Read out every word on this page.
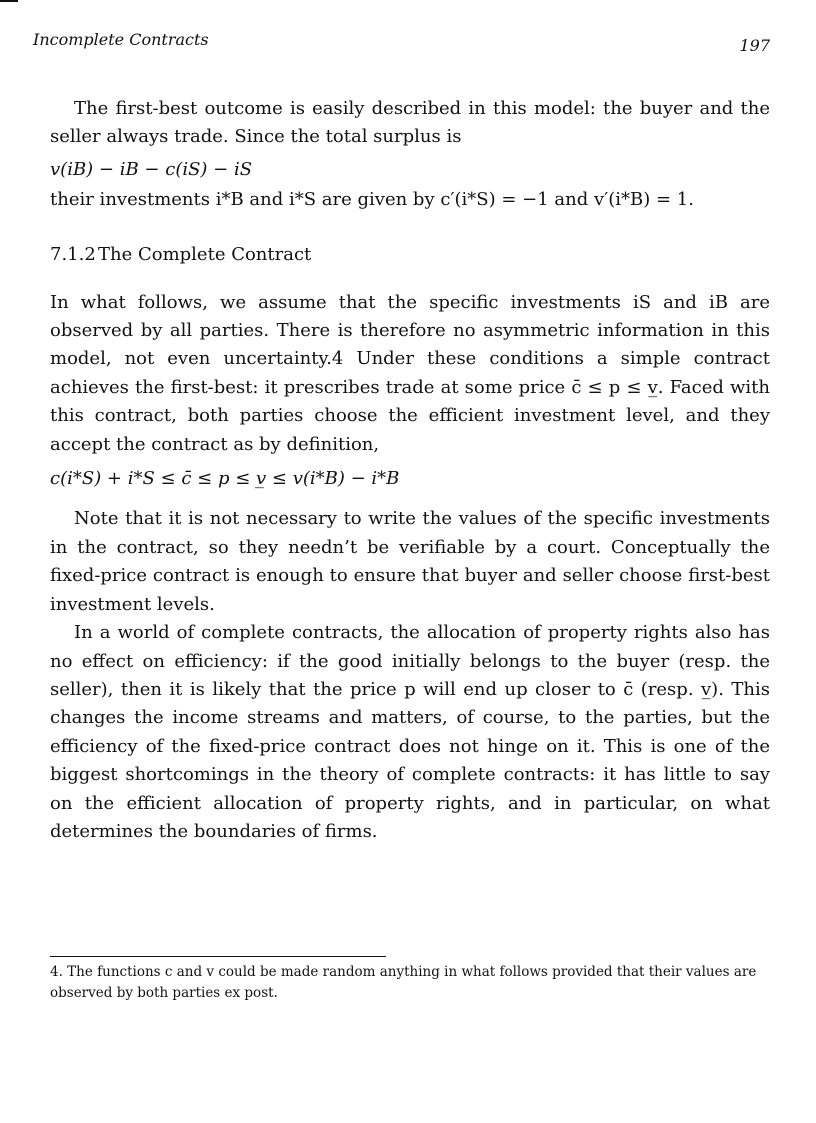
Incomplete Contracts	197

The first-best outcome is easily described in this model: the buyer and the seller always trade. Since the total surplus is

v(iB) − iB − c(iS) − iS

their investments i*B and i*S are given by c′(i*S) = −1 and v′(i*B) = 1.

7.1.2 The Complete Contract

In what follows, we assume that the specific investments iS and iB are observed by all parties. There is therefore no asymmetric information in this model, not even uncertainty.4 Under these conditions a simple contract achieves the first-best: it prescribes trade at some price c̄ ≤ p ≤ v̲. Faced with this contract, both parties choose the efficient investment level, and they accept the contract as by definition,

c(i*S) + i*S ≤ c̄ ≤ p ≤ v̲ ≤ v(i*B) − i*B

Note that it is not necessary to write the values of the specific investments in the contract, so they needn’t be verifiable by a court. Conceptually the fixed-price contract is enough to ensure that buyer and seller choose first-best investment levels.

In a world of complete contracts, the allocation of property rights also has no effect on efficiency: if the good initially belongs to the buyer (resp. the seller), then it is likely that the price p will end up closer to c̄ (resp. v̲). This changes the income streams and matters, of course, to the parties, but the efficiency of the fixed-price contract does not hinge on it. This is one of the biggest shortcomings in the theory of complete contracts: it has little to say on the efficient allocation of property rights, and in particular, on what determines the boundaries of firms.

4. The functions c and v could be made random anything in what follows provided that their values are observed by both parties ex post.
